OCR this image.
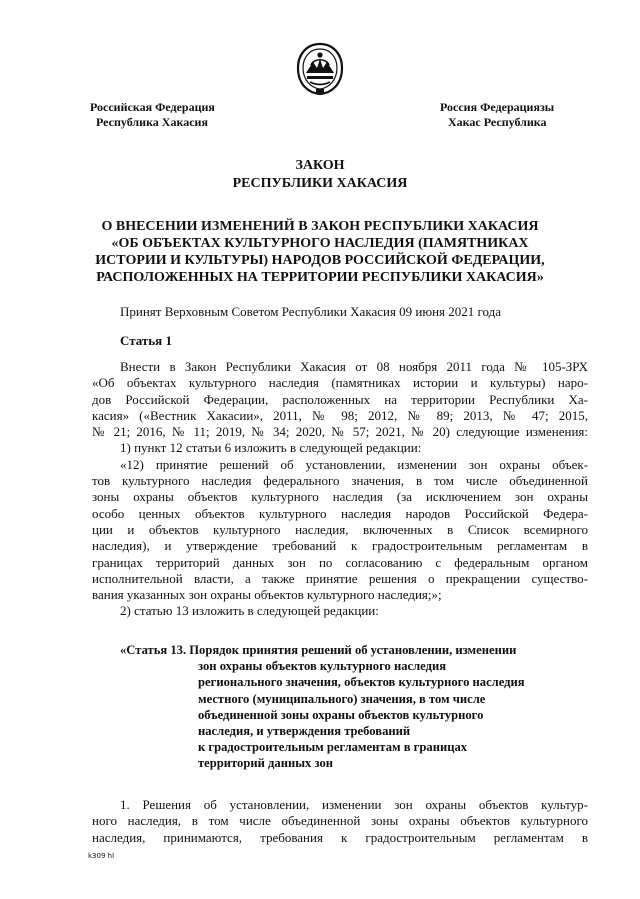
Российская Федерация
Республика Хакасия
Россия Федерациязы
Хакас Республика
ЗАКОН
РЕСПУБЛИКИ ХАКАСИЯ
О ВНЕСЕНИИ ИЗМЕНЕНИЙ В ЗАКОН РЕСПУБЛИКИ ХАКАСИЯ
«ОБ ОБЪЕКТАХ КУЛЬТУРНОГО НАСЛЕДИЯ (ПАМЯТНИКАХ
ИСТОРИИ И КУЛЬТУРЫ) НАРОДОВ РОССИЙСКОЙ ФЕДЕРАЦИИ,
РАСПОЛОЖЕННЫХ НА ТЕРРИТОРИИ РЕСПУБЛИКИ ХАКАСИЯ»
Принят Верховным Советом Республики Хакасия 09 июня 2021 года
Статья 1
Внести в Закон Республики Хакасия от 08 ноября 2011 года № 105-ЗРХ
«Об объектах культурного наследия (памятниках истории и культуры) наро-
дов Российской Федерации, расположенных на территории Республики Ха-
касия» («Вестник Хакасии», 2011, № 98; 2012, № 89; 2013, № 47; 2015,
№ 21; 2016, № 11; 2019, № 34; 2020, № 57; 2021, № 20) следующие изменения:
1) пункт 12 статьи 6 изложить в следующей редакции:
«12) принятие решений об установлении, изменении зон охраны объек-
тов культурного наследия федерального значения, в том числе объединенной
зоны охраны объектов культурного наследия (за исключением зон охраны
особо ценных объектов культурного наследия народов Российской Федера-
ции и объектов культурного наследия, включенных в Список всемирного
наследия), и утверждение требований к градостроительным регламентам в
границах территорий данных зон по согласованию с федеральным органом
исполнительной власти, а также принятие решения о прекращении существо-
вания указанных зон охраны объектов культурного наследия;»;
2) статью 13 изложить в следующей редакции:
«Статья 13. Порядок принятия решений об установлении, изменении
зон охраны объектов культурного наследия
регионального значения, объектов культурного наследия
местного (муниципального) значения, в том числе
объединенной зоны охраны объектов культурного
наследия, и утверждения требований
к градостроительным регламентам в границах
территорий данных зон
1. Решения об установлении, изменении зон охраны объектов культур-
ного наследия, в том числе объединенной зоны охраны объектов культурного
наследия, принимаются, требования к градостроительным регламентам в
k309 hl
